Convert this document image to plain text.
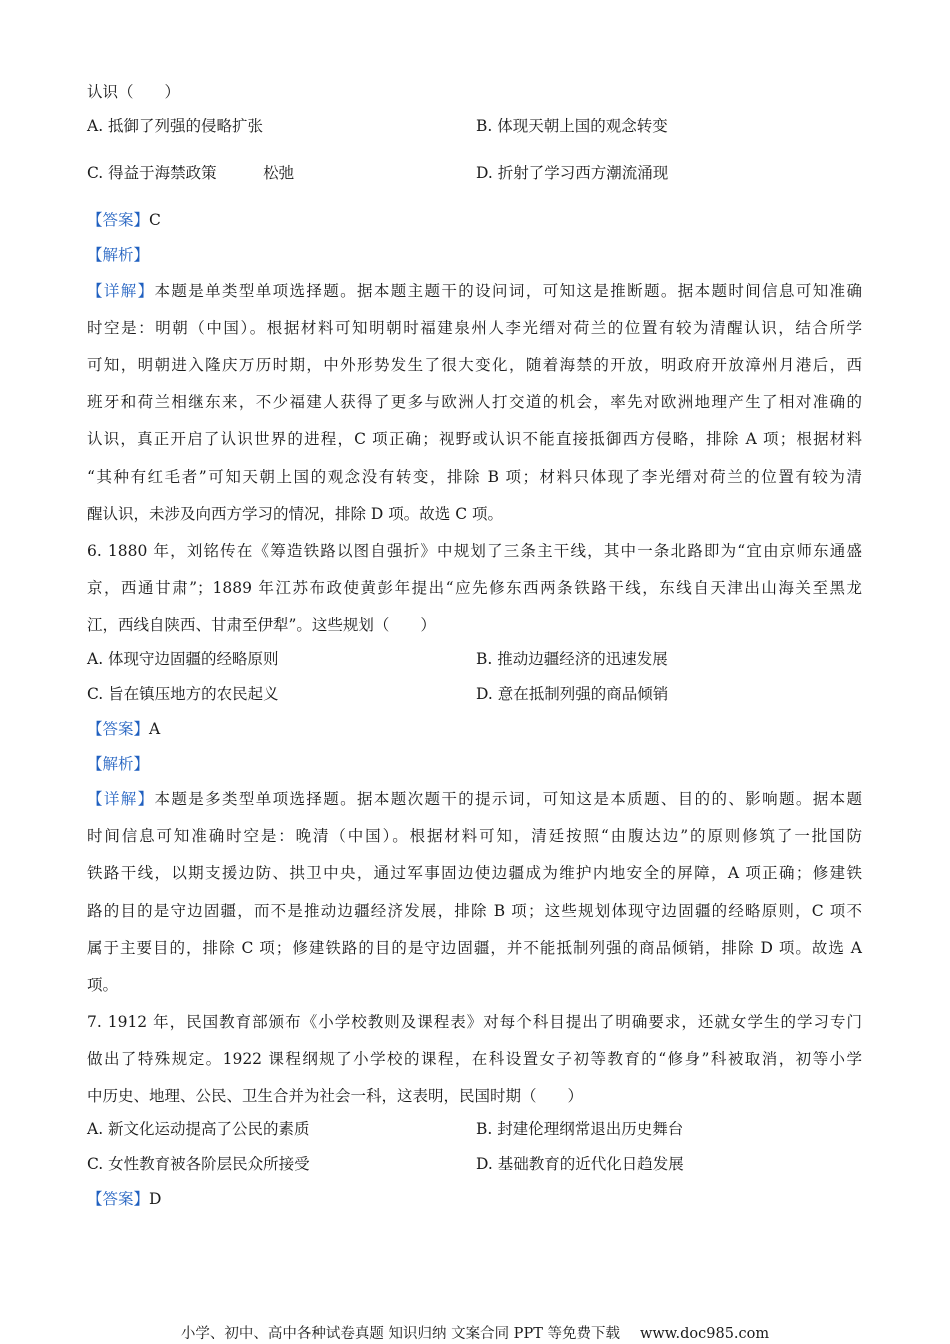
认识（　　）
A. 抵御了列强的侵略扩张	B. 体现天朝上国的观念转变
C. 得益于海禁政策　　　松弛	D. 折射了学习西方潮流涌现
【答案】C
【解析】
【详解】本题是单类型单项选择题。据本题主题干的设问词，可知这是推断题。据本题时间信息可知准确
时空是：明朝（中国）。根据材料可知明朝时福建泉州人李光缙对荷兰的位置有较为清醒认识，结合所学
可知，明朝进入隆庆万历时期，中外形势发生了很大变化，随着海禁的开放，明政府开放漳州月港后，西
班牙和荷兰相继东来，不少福建人获得了更多与欧洲人打交道的机会，率先对欧洲地理产生了相对准确的
认识，真正开启了认识世界的进程，C 项正确；视野或认识不能直接抵御西方侵略，排除 A 项；根据材料
“其种有红毛者”可知天朝上国的观念没有转变，排除 B 项；材料只体现了李光缙对荷兰的位置有较为清
醒认识，未涉及向西方学习的情况，排除 D 项。故选 C 项。
6. 1880 年，刘铭传在《筹造铁路以图自强折》中规划了三条主干线，其中一条北路即为“宜由京师东通盛
京，西通甘肃”；1889 年江苏布政使黄彭年提出“应先修东西两条铁路干线，东线自天津出山海关至黑龙
江，西线自陕西、甘肃至伊犁”。这些规划（　　）
A. 体现守边固疆的经略原则	B. 推动边疆经济的迅速发展
C. 旨在镇压地方的农民起义	D. 意在抵制列强的商品倾销
【答案】A
【解析】
【详解】本题是多类型单项选择题。据本题次题干的提示词，可知这是本质题、目的的、影响题。据本题
时间信息可知准确时空是：晚清（中国）。根据材料可知，清廷按照“由腹达边”的原则修筑了一批国防
铁路干线，以期支援边防、拱卫中央，通过军事固边使边疆成为维护内地安全的屏障，A 项正确；修建铁
路的目的是守边固疆，而不是推动边疆经济发展，排除 B 项；这些规划体现守边固疆的经略原则，C 项不
属于主要目的，排除 C 项；修建铁路的目的是守边固疆，并不能抵制列强的商品倾销，排除 D 项。故选 A
项。
7. 1912 年，民国教育部颁布《小学校教则及课程表》对每个科目提出了明确要求，还就女学生的学习专门
做出了特殊规定。1922 课程纲规了小学校的课程，在科设置女子初等教育的“修身”科被取消，初等小学
中历史、地理、公民、卫生合并为社会一科，这表明，民国时期（　　）
A. 新文化运动提高了公民的素质	B. 封建伦理纲常退出历史舞台
C. 女性教育被各阶层民众所接受	D. 基础教育的近代化日趋发展
【答案】D
小学、初中、高中各种试卷真题 知识归纳 文案合同 PPT 等免费下载 www.doc985.com
